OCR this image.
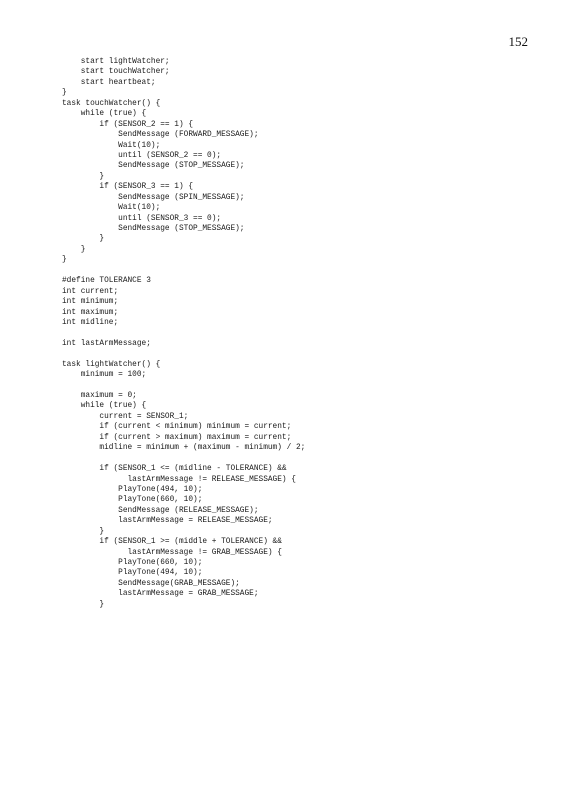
152
start lightWatcher;
start touchWatcher;
start heartbeat;
}
task touchWatcher() {
while (true) {
if (SENSOR_2 == 1) {
SendMessage (FORWARD_MESSAGE);
Wait(10);
until (SENSOR_2 == 0);
SendMessage (STOP_MESSAGE);
}
if (SENSOR_3 == 1) {
SendMessage (SPIN_MESSAGE);
Wait(10);
until (SENSOR_3 == 0);
SendMessage (STOP_MESSAGE);
}
}
}
#define TOLERANCE 3
int current;
int minimum;
int maximum;
int midline;
int lastArmMessage;
task lightWatcher() {
minimum = 100;
maximum = 0;
while (true) {
current = SENSOR_1;
if (current < minimum) minimum = current;
if (current > maximum) maximum = current;
midline = minimum + (maximum - minimum) / 2;
if (SENSOR_1 <= (midline - TOLERANCE) &&
lastArmMessage != RELEASE_MESSAGE) {
PlayTone(494, 10);
PlayTone(660, 10);
SendMessage (RELEASE_MESSAGE);
lastArmMessage = RELEASE_MESSAGE;
}
if (SENSOR_1 >= (middle + TOLERANCE) &&
lastArmMessage != GRAB_MESSAGE) {
PlayTone(660, 10);
PlayTone(494, 10);
SendMessage(GRAB_MESSAGE);
lastArmMessage = GRAB_MESSAGE;
}
